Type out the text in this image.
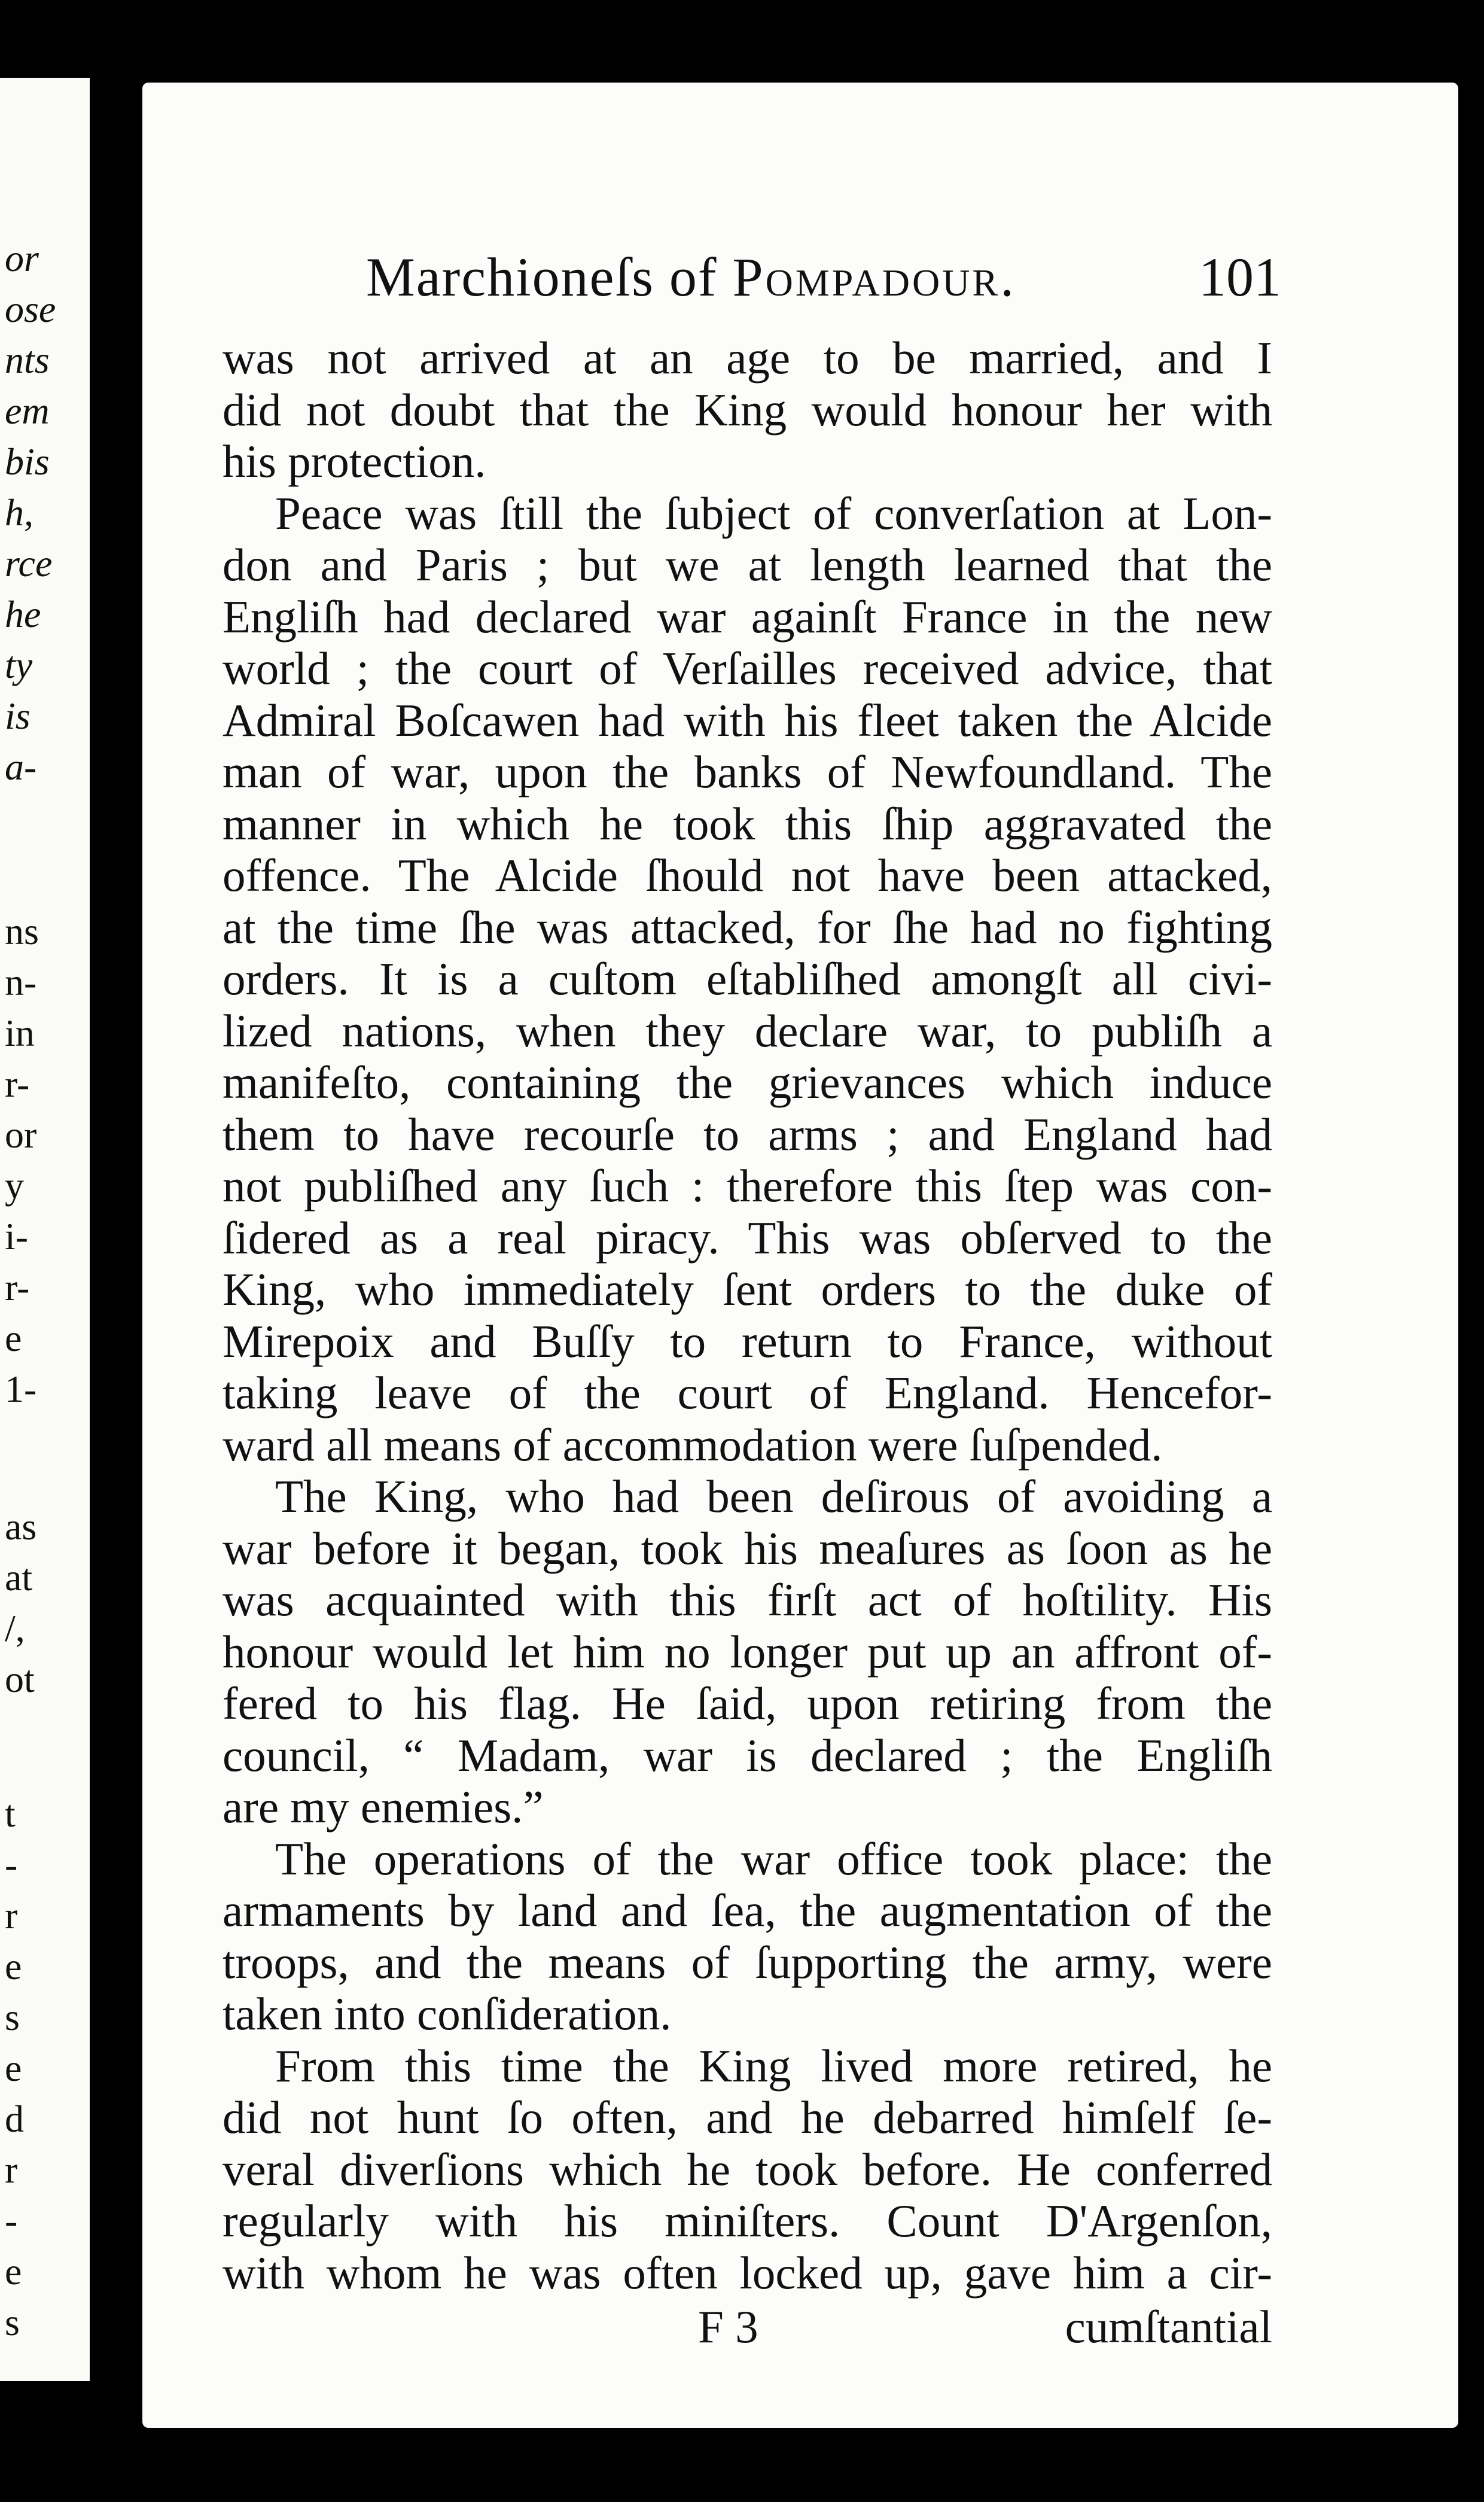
or
ose
nts
em
bis
h,
rce
he
ty
is
a-
ns
n-
in
r-
or
y
i-
r-
e
1-
as
at
/,
ot
t
-
r
e
s
e
d
r
-
e
s
Marchioneſs of Pompadour.	101
was not arrived at an age to be married, and I
did not doubt that the King would honour her with
his protection.
Peace was ſtill the ſubject of converſation at Lon-
don and Paris ; but we at length learned that the
Engliſh had declared war againſt France in the new
world ; the court of Verſailles received advice, that
Admiral Boſcawen had with his fleet taken the Alcide
man of war, upon the banks of Newfoundland. The
manner in which he took this ſhip aggravated the
offence. The Alcide ſhould not have been attacked,
at the time ſhe was attacked, for ſhe had no fighting
orders. It is a cuſtom eſtabliſhed amongſt all civi-
lized nations, when they declare war, to publiſh a
manifeſto, containing the grievances which induce
them to have recourſe to arms ; and England had
not publiſhed any ſuch : therefore this ſtep was con-
ſidered as a real piracy. This was obſerved to the
King, who immediately ſent orders to the duke of
Mirepoix and Buſſy to return to France, without
taking leave of the court of England. Hencefor-
ward all means of accommodation were ſuſpended.
The King, who had been deſirous of avoiding a
war before it began, took his meaſures as ſoon as he
was acquainted with this firſt act of hoſtility. His
honour would let him no longer put up an affront of-
fered to his flag. He ſaid, upon retiring from the
council, “ Madam, war is declared ; the Engliſh
are my enemies.”
The operations of the war office took place: the
armaments by land and ſea, the augmentation of the
troops, and the means of ſupporting the army, were
taken into conſideration.
From this time the King lived more retired, he
did not hunt ſo often, and he debarred himſelf ſe-
veral diverſions which he took before. He conferred
regularly with his miniſters. Count D'Argenſon,
with whom he was often locked up, gave him a cir-
F 3	cumſtantial
